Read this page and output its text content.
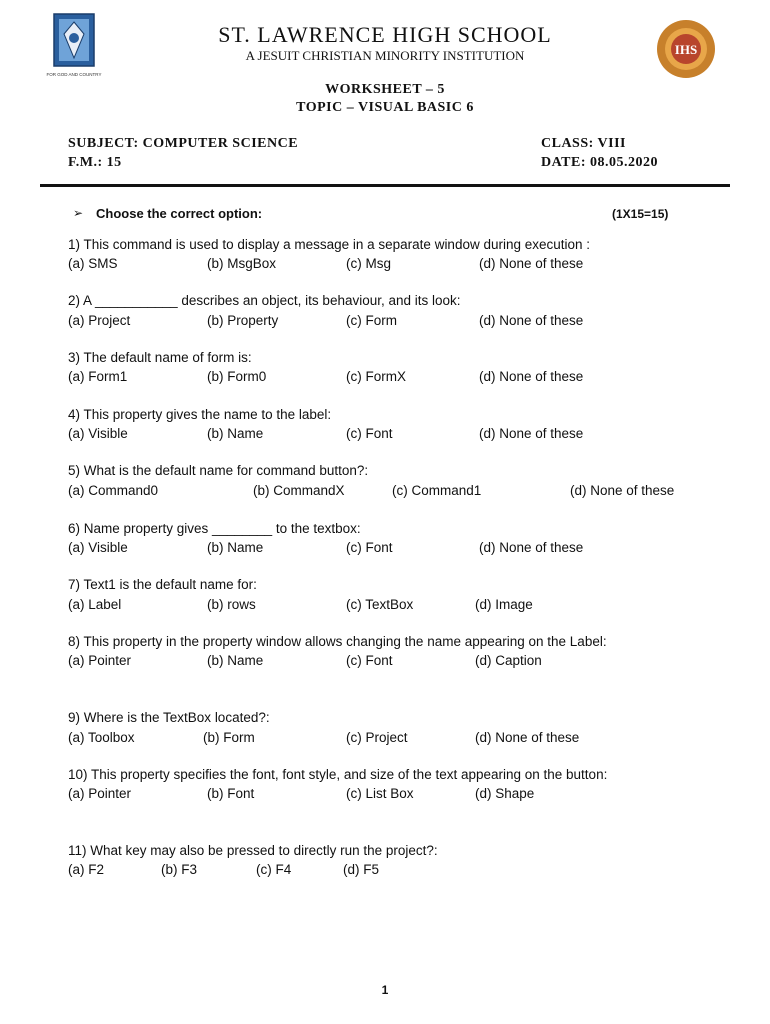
FOR GOD AND COUNTRY
IHS
ST. LAWRENCE HIGH SCHOOL
A JESUIT CHRISTIAN MINORITY INSTITUTION
WORKSHEET – 5
TOPIC – VISUAL BASIC 6
SUBJECT: COMPUTER SCIENCE
F.M.: 15
CLASS: VIII
DATE: 08.05.2020
➢ Choose the correct option:	(1X15=15)
1) This command is used to display a message in a separate window during execution :
(a) SMS	(b) MsgBox	(c) Msg	(d) None of these
2) A ___________ describes an object, its behaviour, and its look:
(a) Project	(b) Property	(c) Form	(d) None of these
3) The default name of form is:
(a) Form1	(b) Form0	(c) FormX	(d) None of these
4) This property gives the name to the label:
(a) Visible	(b) Name	(c) Font	(d) None of these
5) What is the default name for command button?:
(a) Command0	(b) CommandX	(c) Command1	(d) None of these
6) Name property gives ________ to the textbox:
(a) Visible	(b) Name	(c) Font	(d) None of these
7) Text1 is the default name for:
(a) Label	(b) rows	(c) TextBox	(d) Image
8) This property in the property window allows changing the name appearing on the Label:
(a) Pointer	(b) Name	(c) Font	(d) Caption
9) Where is the TextBox located?:
(a) Toolbox	(b) Form	(c) Project	(d) None of these
10) This property specifies the font, font style, and size of the text appearing on the button:
(a) Pointer	(b) Font	(c) List Box	(d) Shape
11) What key may also be pressed to directly run the project?:
(a) F2	(b) F3	(c) F4	(d) F5
1
